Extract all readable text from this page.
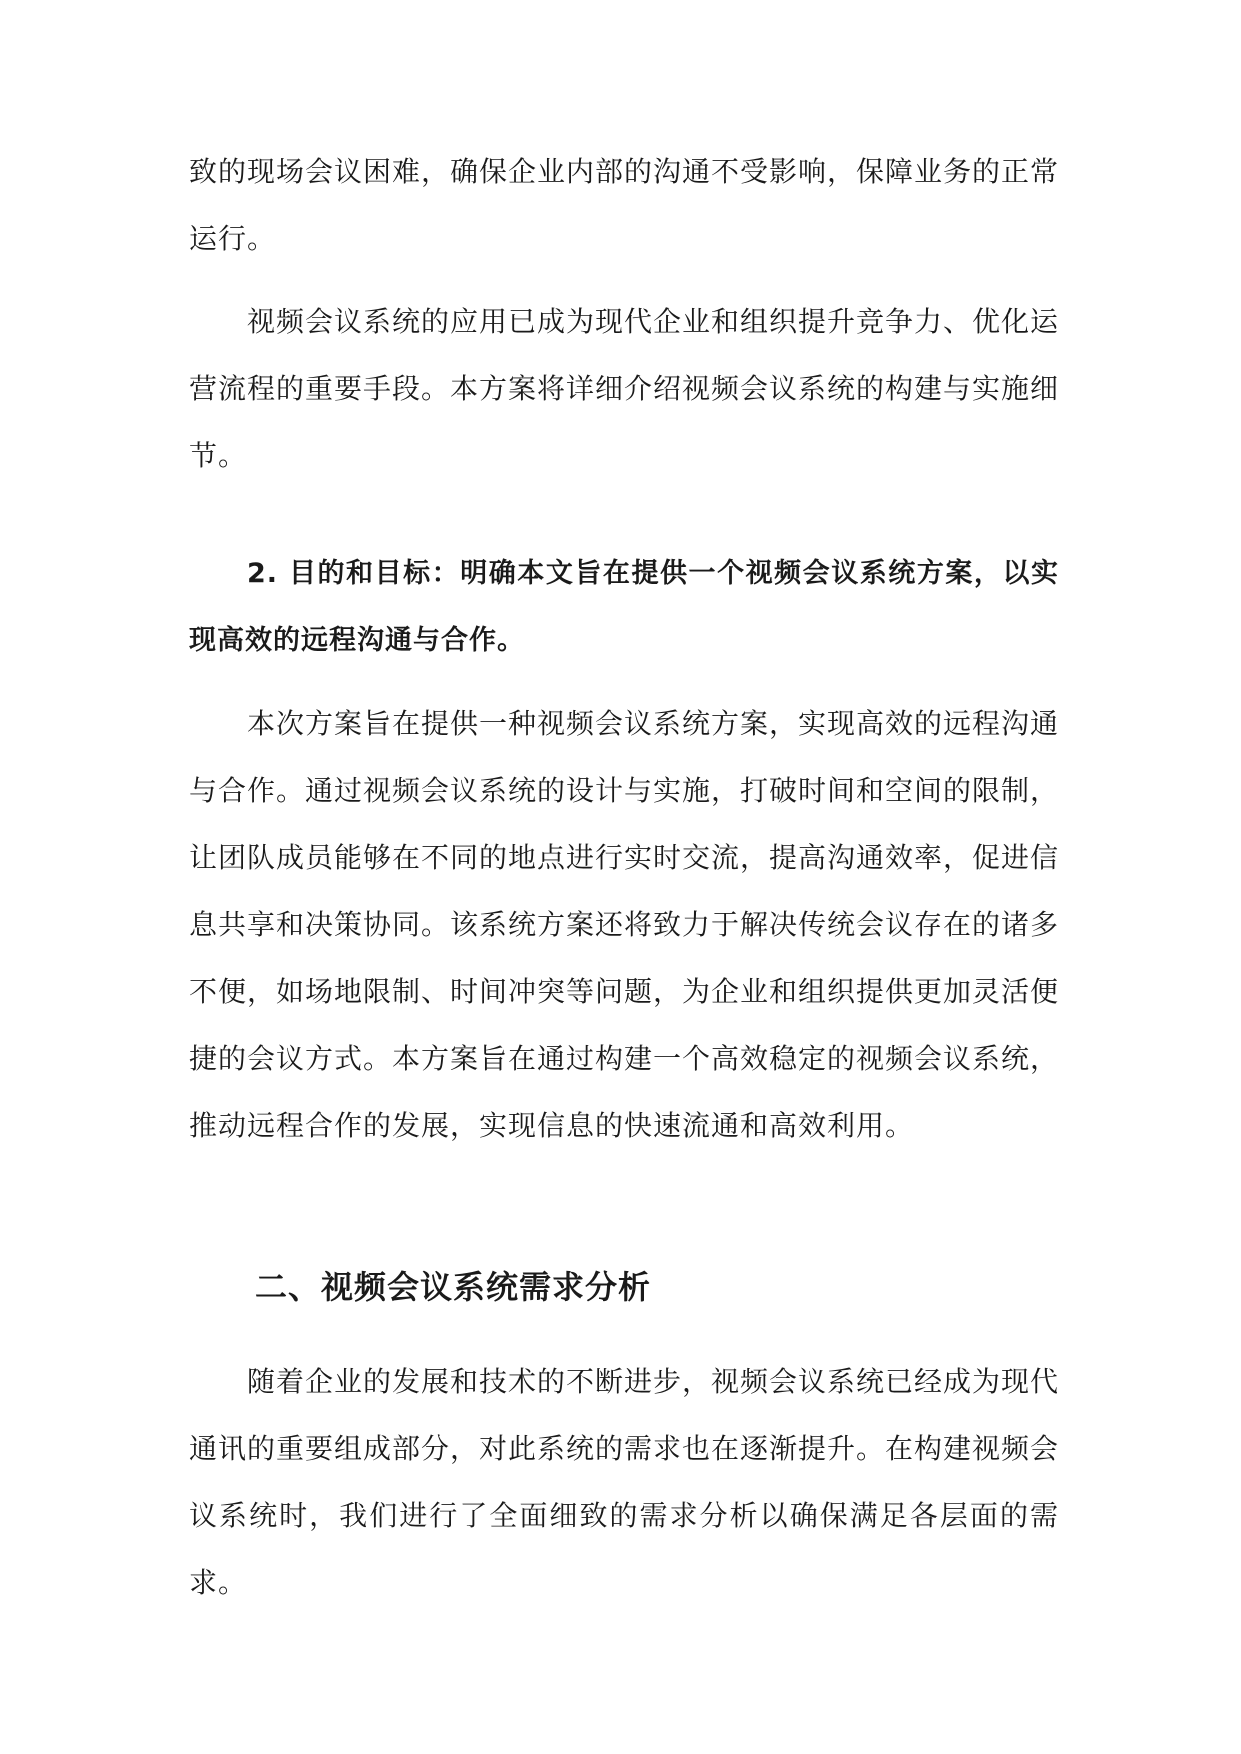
致的现场会议困难，确保企业内部的沟通不受影响，保障业务的正常运行。

视频会议系统的应用已成为现代企业和组织提升竞争力、优化运营流程的重要手段。本方案将详细介绍视频会议系统的构建与实施细节。

2. 目的和目标：明确本文旨在提供一个视频会议系统方案，以实现高效的远程沟通与合作。

本次方案旨在提供一种视频会议系统方案，实现高效的远程沟通与合作。通过视频会议系统的设计与实施，打破时间和空间的限制，让团队成员能够在不同的地点进行实时交流，提高沟通效率，促进信息共享和决策协同。该系统方案还将致力于解决传统会议存在的诸多不便，如场地限制、时间冲突等问题，为企业和组织提供更加灵活便捷的会议方式。本方案旨在通过构建一个高效稳定的视频会议系统，推动远程合作的发展，实现信息的快速流通和高效利用。

二、视频会议系统需求分析

随着企业的发展和技术的不断进步，视频会议系统已经成为现代通讯的重要组成部分，对此系统的需求也在逐渐提升。在构建视频会议系统时，我们进行了全面细致的需求分析以确保满足各层面的需求。
